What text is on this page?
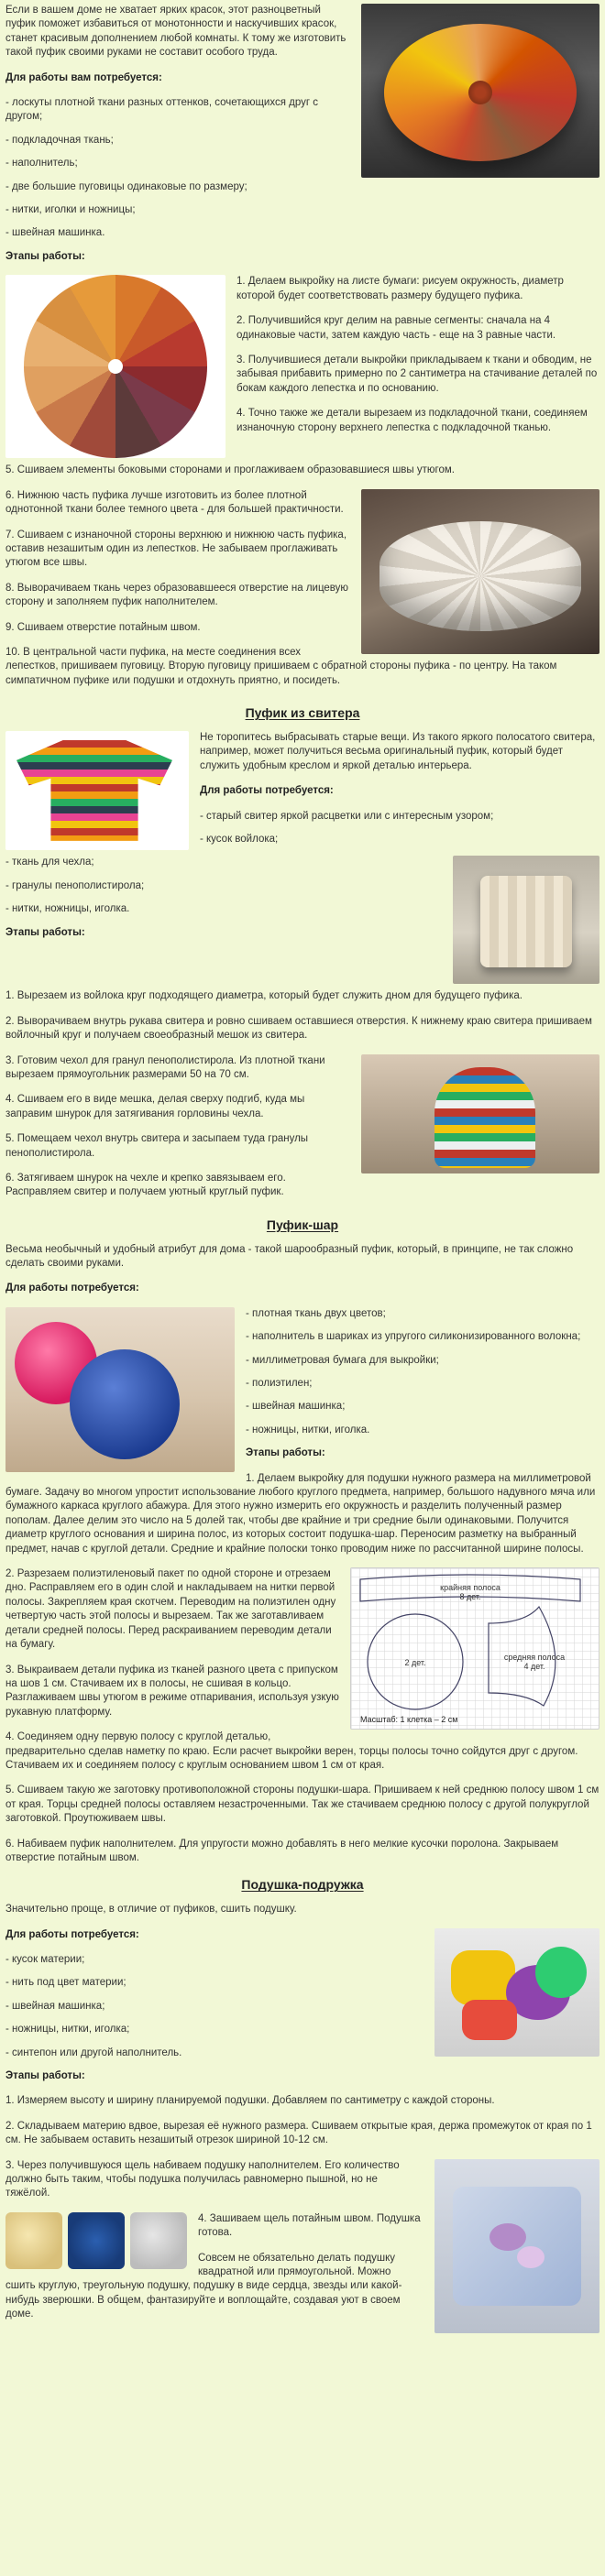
Если в вашем доме не хватает ярких красок, этот разноцветный пуфик поможет избавиться от монотонности и наскучивших красок, станет красивым дополнением любой комнаты. К тому же изготовить такой пуфик своими руками не составит особого труда.

Для работы вам потребуется:

- лоскуты плотной ткани разных оттенков, сочетающихся друг с другом;

- подкладочная ткань;

- наполнитель;

- две большие пуговицы одинаковые по размеру;

- нитки, иголки и ножницы;

- швейная машинка.

Этапы работы:

1. Делаем выкройку на листе бумаги: рисуем окружность, диаметр которой будет соответствовать размеру будущего пуфика.

2. Получившийся круг делим на равные сегменты: сначала на 4 одинаковые части, затем каждую часть - еще на 3 равные части.

3. Получившиеся детали выкройки прикладываем к ткани и обводим, не забывая прибавить примерно по 2 сантиметра на стачивание деталей по бокам каждого лепестка и по основанию.

4. Точно также же детали вырезаем из подкладочной ткани, соединяем изнаночную сторону верхнего лепестка с подкладочной тканью.

5. Сшиваем элементы боковыми сторонами и проглаживаем образовавшиеся швы утюгом.

6. Нижнюю часть пуфика лучше изготовить из более плотной однотонной ткани более темного цвета - для большей практичности.

7. Сшиваем с изнаночной стороны верхнюю и нижнюю часть пуфика, оставив незашитым один из лепестков. Не забываем проглаживать утюгом все швы.

8. Выворачиваем ткань через образовавшееся отверстие на лицевую сторону и заполняем пуфик наполнителем.

9. Сшиваем отверстие потайным швом.

10. В центральной части пуфика, на месте соединения всех лепестков, пришиваем пуговицу. Вторую пуговицу пришиваем с обратной стороны пуфика - по центру. На таком симпатичном пуфике или подушки и отдохнуть приятно, и посидеть.

Пуфик из свитера

Не торопитесь выбрасывать старые вещи. Из такого яркого полосатого свитера, например, может получиться весьма оригинальный пуфик, который будет служить удобным креслом и яркой деталью интерьера.

Для работы потребуется:

- старый свитер яркой расцветки или с интересным узором;

- кусок войлока;

- ткань для чехла;

- гранулы пенополистирола;

- нитки, ножницы, иголка.

Этапы работы:

1. Вырезаем из войлока круг подходящего диаметра, который будет служить дном для будущего пуфика.

2. Выворачиваем внутрь рукава свитера и ровно сшиваем оставшиеся отверстия. К нижнему краю свитера пришиваем войлочный круг и получаем своеобразный мешок из свитера.

3. Готовим чехол для гранул пенополистирола. Из плотной ткани вырезаем прямоугольник размерами 50 на 70 см.

4. Сшиваем его в виде мешка, делая сверху подгиб, куда мы заправим шнурок для затягивания горловины чехла.

5. Помещаем чехол внутрь свитера и засыпаем туда гранулы пенополистирола.

6. Затягиваем шнурок на чехле и крепко завязываем его. Расправляем свитер и получаем уютный круглый пуфик.

Пуфик-шар

Весьма необычный и удобный атрибут для дома - такой шарообразный пуфик, который, в принципе, не так сложно сделать своими руками.

Для работы потребуется:

- плотная ткань двух цветов;

- наполнитель в шариках из упругого силиконизированного волокна;

- миллиметровая бумага для выкройки;

- полиэтилен;

- швейная машинка;

- ножницы, нитки, иголка.

Этапы работы:

1. Делаем выкройку для подушки нужного размера на миллиметровой бумаге. Задачу во многом упростит использование любого круглого предмета, например, большого надувного мяча или бумажного каркаса круглого абажура. Для этого нужно измерить его окружность и разделить полученный размер пополам. Далее делим это число на 5 долей так, чтобы две крайние и три средние были одинаковыми. Получится диаметр круглого основания и ширина полос, из которых состоит подушка-шар. Переносим разметку на выбранный предмет, начав с круглой детали. Средние и крайние полоски тонко проводим ниже по рассчитанной ширине полосы.

крайняя полоса
8 дет.
2 дет.
средняя полоса
4 дет.
Масштаб: 1 клетка – 2 см

2. Разрезаем полиэтиленовый пакет по одной стороне и отрезаем дно. Расправляем его в один слой и накладываем на нитки первой полосы. Закрепляем края скотчем. Переводим на полиэтилен одну четвертую часть этой полосы и вырезаем. Так же заготавливаем детали средней полосы. Перед раскраиванием переводим детали на бумагу.

3. Выкраиваем детали пуфика из тканей разного цвета с припуском на шов 1 см. Стачиваем их в полосы, не сшивая в кольцо. Разглаживаем швы утюгом в режиме отпаривания, используя узкую рукавную платформу.

4. Соединяем одну первую полосу с круглой деталью, предварительно сделав наметку по краю. Если расчет выкройки верен, торцы полосы точно сойдутся друг с другом. Стачиваем их и соединяем полосу с круглым основанием швом 1 см от края.

5. Сшиваем такую же заготовку противоположной стороны подушки-шара. Пришиваем к ней среднюю полосу швом 1 см от края. Торцы средней полосы оставляем незастроченными. Так же стачиваем среднюю полосу с другой полукруглой заготовкой. Проутюживаем швы.

6. Набиваем пуфик наполнителем. Для упругости можно добавлять в него мелкие кусочки поролона. Закрываем отверстие потайным швом.

Подушка-подружка

Значительно проще, в отличие от пуфиков, сшить подушку.

Для работы потребуется:

- кусок материи;

- нить под цвет материи;

- швейная машинка;

- ножницы, нитки, иголка;

- синтепон или другой наполнитель.

Этапы работы:

1. Измеряем высоту и ширину планируемой подушки. Добавляем по сантиметру с каждой стороны.

2. Складываем материю вдвое, вырезая её нужного размера. Сшиваем открытые края, держа промежуток от края по 1 см. Не забываем оставить незашитый отрезок шириной 10-12 см.

3. Через получившуюся щель набиваем подушку наполнителем. Его количество должно быть таким, чтобы подушка получилась равномерно пышной, но не тяжёлой.

4. Зашиваем щель потайным швом. Подушка готова.

Совсем не обязательно делать подушку квадратной или прямоугольной. Можно сшить круглую, треугольную подушку, подушку в виде сердца, звезды или какой-нибудь зверюшки. В общем, фантазируйте и воплощайте, создавая уют в своем доме.
